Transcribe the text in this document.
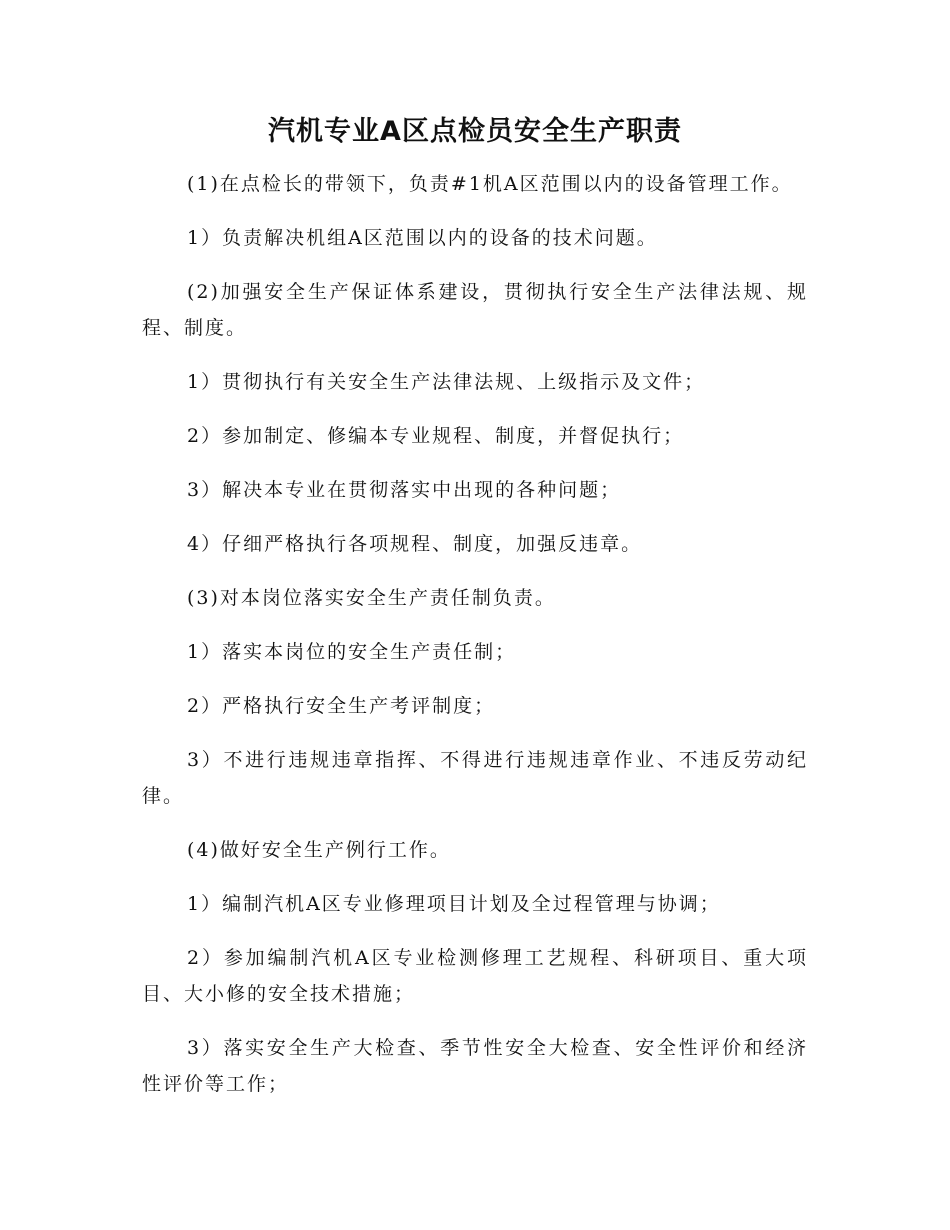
汽机专业A区点检员安全生产职责

(1)在点检长的带领下，负责#1机A区范围以内的设备管理工作。

1）负责解决机组A区范围以内的设备的技术问题。

(2)加强安全生产保证体系建设，贯彻执行安全生产法律法规、规程、制度。

1）贯彻执行有关安全生产法律法规、上级指示及文件；

2）参加制定、修编本专业规程、制度，并督促执行；

3）解决本专业在贯彻落实中出现的各种问题；

4）仔细严格执行各项规程、制度，加强反违章。

(3)对本岗位落实安全生产责任制负责。

1）落实本岗位的安全生产责任制；

2）严格执行安全生产考评制度；

3）不进行违规违章指挥、不得进行违规违章作业、不违反劳动纪律。

(4)做好安全生产例行工作。

1）编制汽机A区专业修理项目计划及全过程管理与协调；

2）参加编制汽机A区专业检测修理工艺规程、科研项目、重大项目、大小修的安全技术措施；

3）落实安全生产大检查、季节性安全大检查、安全性评价和经济性评价等工作；
